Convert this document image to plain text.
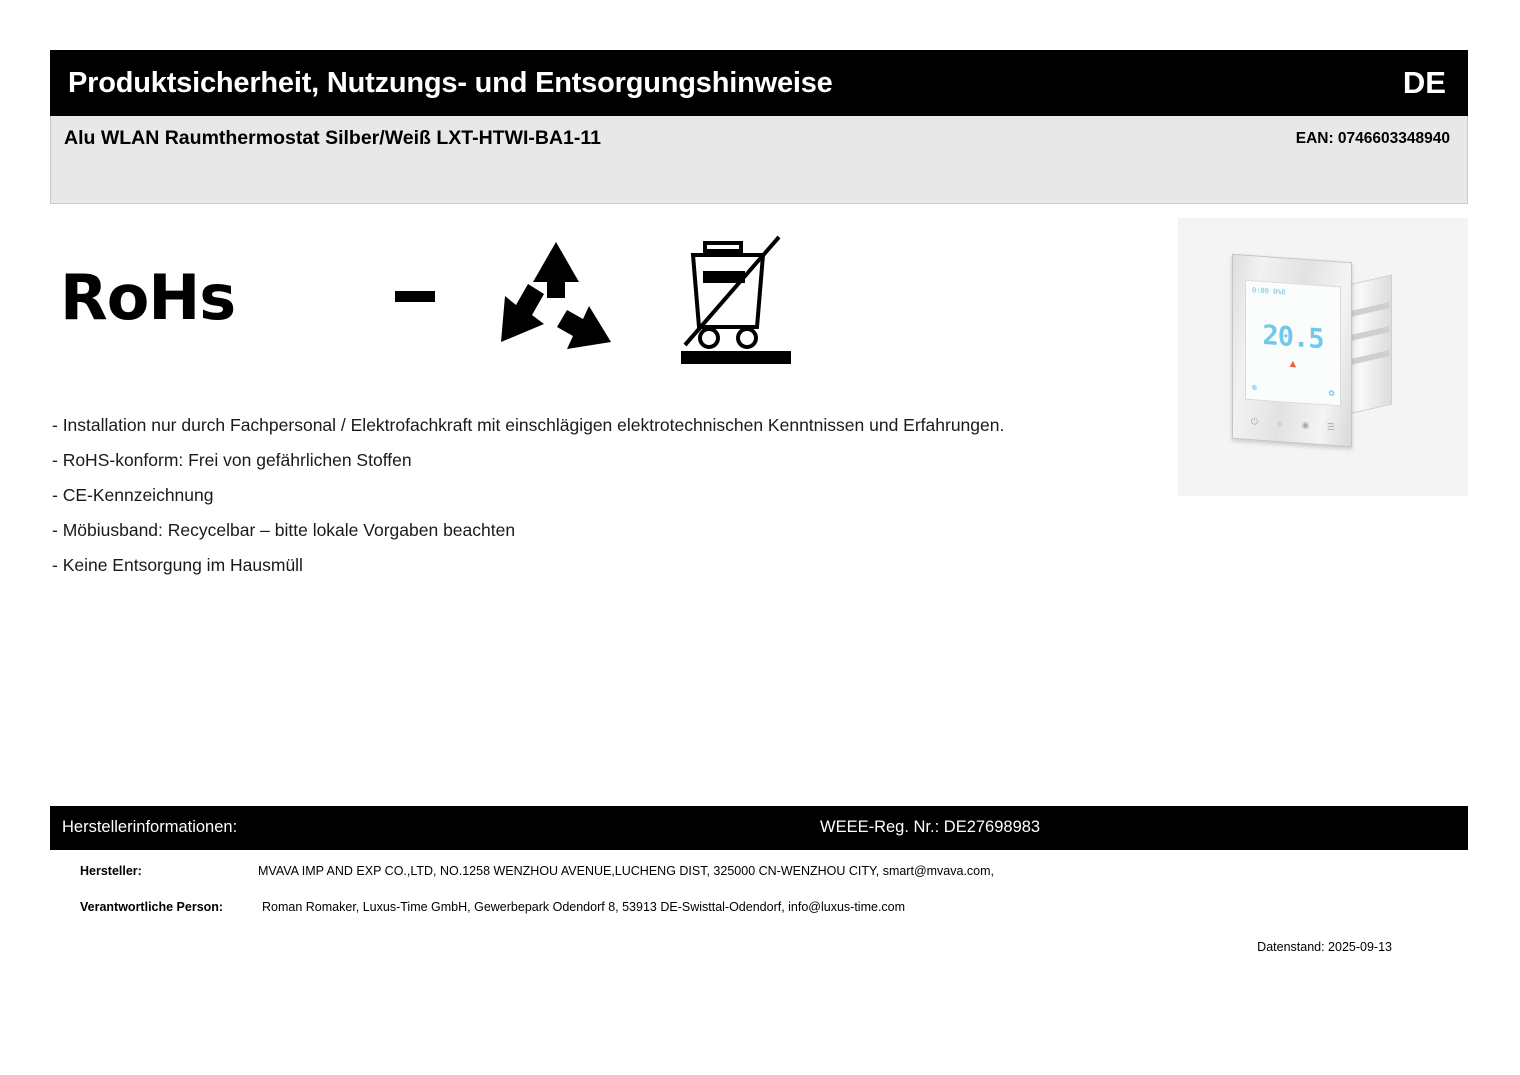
Produktsicherheit, Nutzungs- und Entsorgungshinweise	DE
Alu WLAN Raumthermostat Silber/Weiß LXT-HTWI-BA1-11	EAN: 0746603348940
RoHs	0:00 0%0
20.5
▲
❄
✿
⏻ ☼ ◉ ☰
- Installation nur durch Fachpersonal / Elektrofachkraft mit einschlägigen elektrotechnischen Kenntnissen und Erfahrungen.
- RoHS-konform: Frei von gefährlichen Stoffen
- CE-Kennzeichnung
- Möbiusband: Recycelbar – bitte lokale Vorgaben beachten
- Keine Entsorgung im Hausmüll
Herstellerinformationen:	WEEE-Reg. Nr.: DE27698983
Hersteller:	MVAVA IMP AND EXP CO.,LTD, NO.1258 WENZHOU AVENUE,LUCHENG DIST, 325000 CN-WENZHOU CITY, smart@mvava.com,
Verantwortliche Person:	Roman Romaker, Luxus-Time GmbH, Gewerbepark Odendorf 8, 53913 DE-Swisttal-Odendorf, info@luxus-time.com
Datenstand: 2025-09-13
